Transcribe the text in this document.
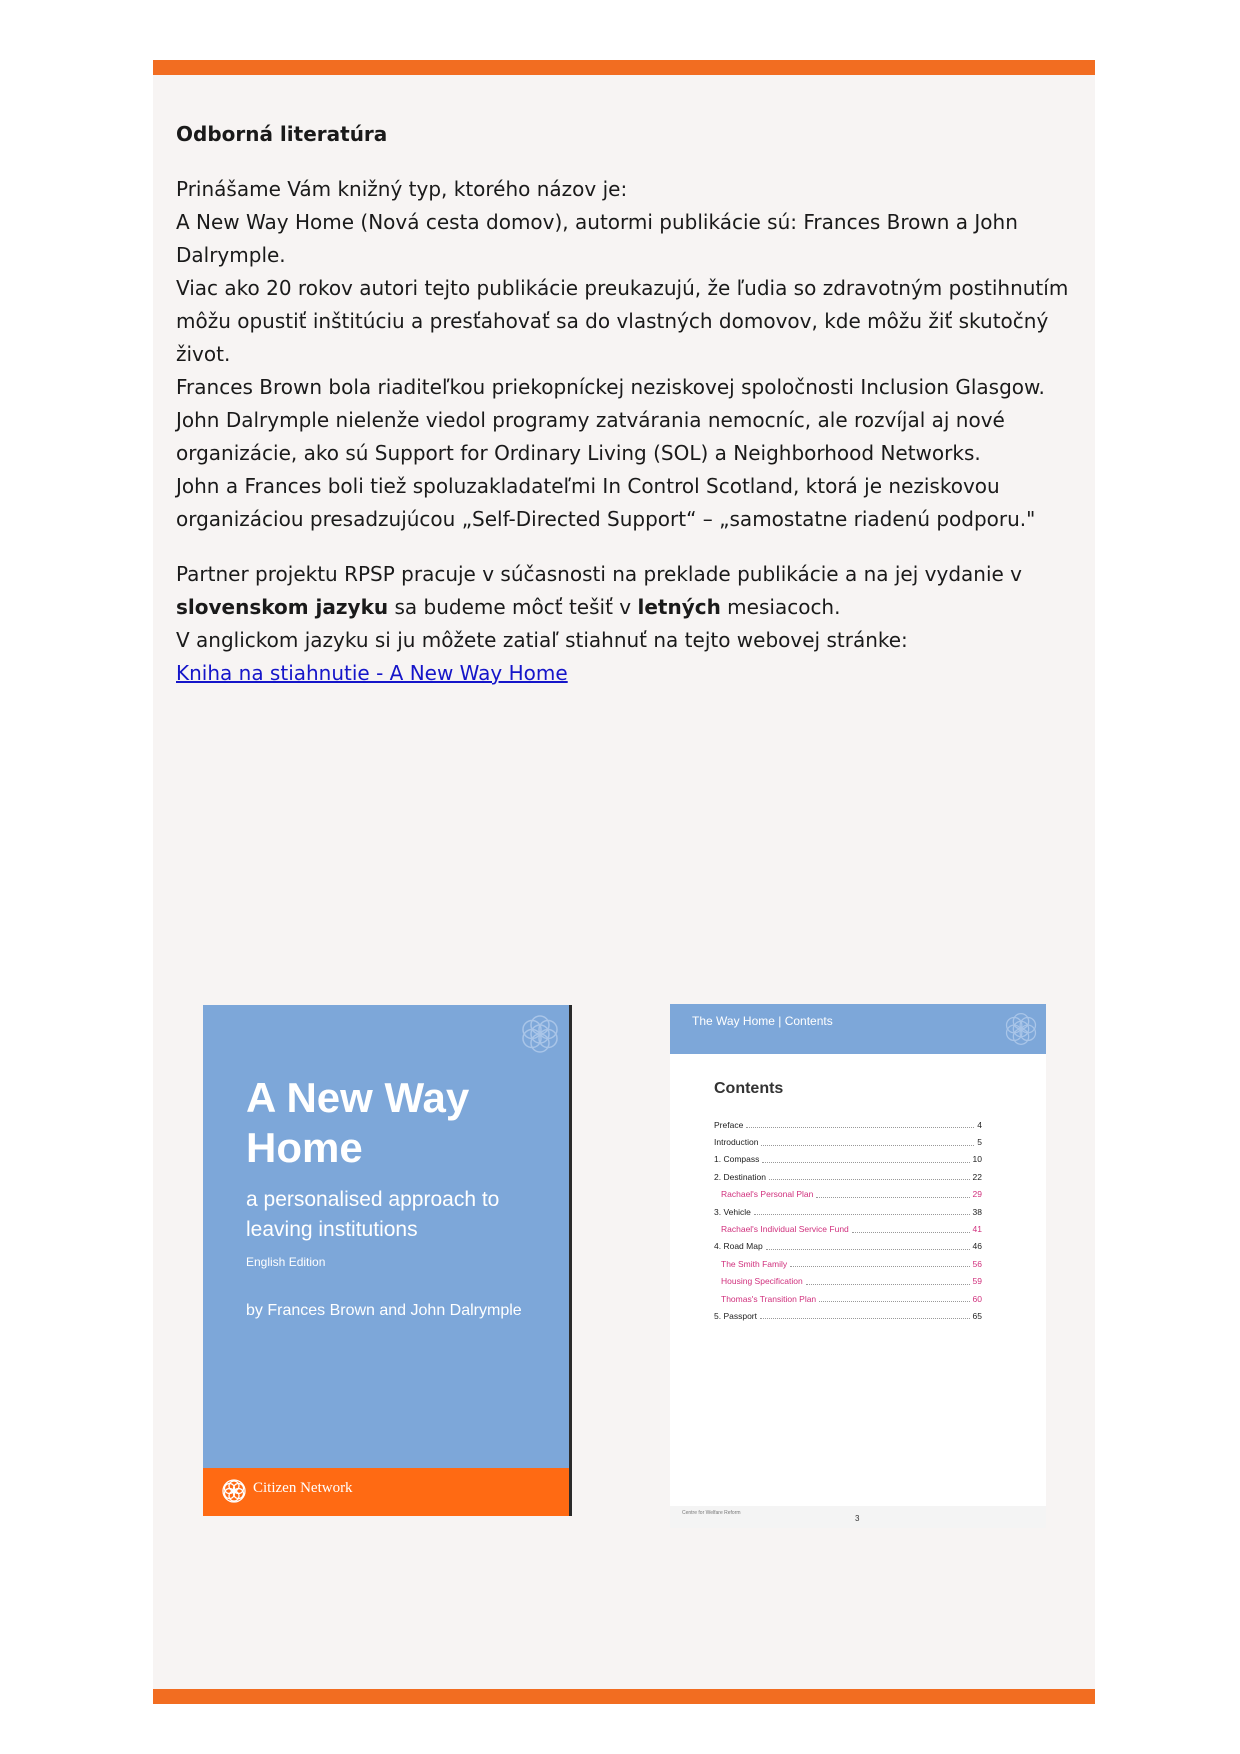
Odborná literatúra
Prinášame Vám knižný typ, ktorého názov je:
A New Way Home (Nová cesta domov), autormi publikácie sú: Frances Brown a John
Dalrymple.
Viac ako 20 rokov autori tejto publikácie preukazujú, že ľudia so zdravotným postihnutím
môžu opustiť inštitúciu a presťahovať sa do vlastných domovov, kde môžu žiť skutočný
život.
Frances Brown bola riaditeľkou priekopníckej neziskovej spoločnosti Inclusion Glasgow.
John Dalrymple nielenže viedol programy zatvárania nemocníc, ale rozvíjal aj nové
organizácie, ako sú Support for Ordinary Living (SOL) a Neighborhood Networks.
John a Frances boli tiež spoluzakladateľmi In Control Scotland, ktorá je neziskovou
organizáciou presadzujúcou „Self-Directed Support“ – „samostatne riadenú podporu."
Partner projektu RPSP pracuje v súčasnosti na preklade publikácie a na jej vydanie v
slovenskom jazyku sa budeme môcť tešiť v letných mesiacoch.
V anglickom jazyku si ju môžete zatiaľ stiahnuť na tejto webovej stránke:
Kniha na stiahnutie - A New Way Home
A New Way
Home
a personalised approach to
leaving institutions
English Edition
by Frances Brown and John Dalrymple
Citizen Network
The Way Home | Contents
Contents
Preface	4
Introduction	5
1. Compass	10
2. Destination	22
Rachael's Personal Plan	29
3. Vehicle	38
Rachael's Individual Service Fund	41
4. Road Map	46
The Smith Family	56
Housing Specification	59
Thomas's Transition Plan	60
5. Passport	65
Centre for Welfare Reform
3
